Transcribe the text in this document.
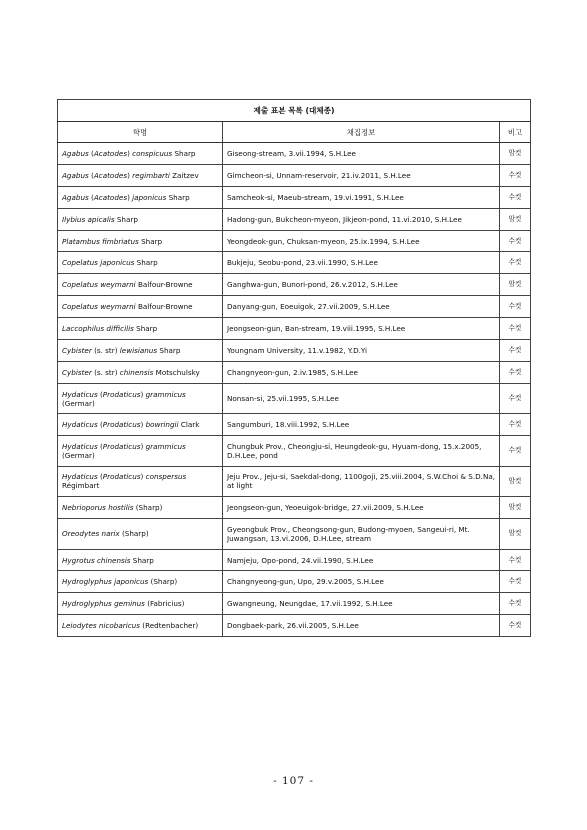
제출 표본 목록 (대체종)		
학명	채집정보	비고
Agabus (Acatodes) conspicuus Sharp	Giseong-stream, 3.vii.1994, S.H.Lee	암컷
Agabus (Acatodes) regimbarti Zaitzev	Gimcheon-si, Unnam-reservoir, 21.iv.2011, S.H.Lee	수컷
Agabus (Acatodes) japonicus Sharp	Samcheok-si, Maeub-stream, 19.vi.1991, S.H.Lee	수컷
Ilybius apicalis Sharp	Hadong-gun, Bukcheon-myeon, Jikjeon-pond, 11.vi.2010, S.H.Lee	암컷
Platambus fimbriatus Sharp	Yeongdeok-gun, Chuksan-myeon, 25.ix.1994, S.H.Lee	수컷
Copelatus japonicus Sharp	Bukjeju, Seobu-pond, 23.vii.1990, S.H.Lee	수컷
Copelatus weymarni Balfour-Browne	Ganghwa-gun, Bunori-pond, 26.v.2012, S.H.Lee	암컷
Copelatus weymarni Balfour-Browne	Danyang-gun, Eoeuigok, 27.vii.2009, S.H.Lee	수컷
Laccophilus difficilis Sharp	Jeongseon-gun, Ban-stream, 19.viii.1995, S.H.Lee	수컷
Cybister (s. str) lewisianus Sharp	Youngnam University, 11.v.1982, Y.D.Yi	수컷
Cybister (s. str) chinensis Motschulsky	Changnyeon-gun, 2.iv.1985, S.H.Lee	수컷
Hydaticus (Prodaticus) grammicus (Germar)	Nonsan-si, 25.vii.1995, S.H.Lee	수컷
Hydaticus (Prodaticus) bowringii Clark	Sangumburi, 18.viii.1992, S.H.Lee	수컷
Hydaticus (Prodaticus) grammicus (Germar)	Chungbuk Prov., Cheongju-si, Heungdeok-gu, Hyuam-dong, 15.x.2005, D.H.Lee, pond	수컷
Hydaticus (Prodaticus) conspersus Régimbart	Jeju Prov., Jeju-si, Saekdal-dong, 1100goji, 25.viii.2004, S.W.Choi & S.D.Na, at light	암컷
Nebrioporus hostilis (Sharp)	Jeongseon-gun, Yeoeuigok-bridge, 27.vii.2009, S.H.Lee	암컷
Oreodytes narix (Sharp)	Gyeongbuk Prov., Cheongsong-gun, Budong-myoen, Sangeui-ri, Mt. Juwangsan, 13.vi.2006, D.H.Lee, stream	암컷
Hygrotus chinensis Sharp	Namjeju, Opo-pond, 24.vii.1990, S.H.Lee	수컷
Hydroglyphus japonicus (Sharp)	Changnyeong-gun, Upo, 29.v.2005, S.H.Lee	수컷
Hydroglyphus geminus (Fabricius)	Gwangneung, Neungdae, 17.vii.1992, S.H.Lee	수컷
Leiodytes nicobaricus (Redtenbacher)	Dongbaek-park, 26.vii.2005, S.H.Lee	수컷
- 107 -
